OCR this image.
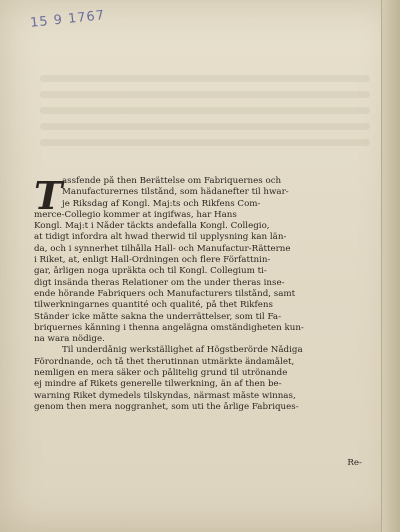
15 9 1767
T assfende på then Berättelse om Fabriquernes och
Manufacturernes tilstånd, som hädanefter til hwar-
je Riksdag af Kongl. Maj:ts och Rikfens Com-
merce-Collegio kommer at ingifwas, har Hans
Kongl. Maj:t i Nåder täckts andefalla Kongl. Collegio,
at tidigt infordra alt hwad therwid til upplysning kan län-
da, och i synnerhet tilhålla Hall- och Manufactur-Rätterne
i Riket, at, enligt Hall-Ordningen och flere Författnin-
gar, årligen noga upräkta och til Kongl. Collegium ti-
digt insända theras Relationer om the under theras inse-
ende hörande Fabriquers och Manufacturers tilstånd, samt
tilwerkningarnes quantité och qualité, på thet Rikfens
Ständer icke måtte sakna the underrättelser, som til Fa-
briquernes kånning i thenna angelägna omständigheten kun-
na wara nödige.
Til underdånig werkställighet af Högstberörde Nådiga
Förordnande, och tå thet therutinnan utmärkte ändamålet,
nemligen en mera säker och pålitelig grund til utrönande
ej mindre af Rikets generelle tilwerkning, än af then be-
warning Riket dymedels tilskyndas, närmast måste winnas,
genom then mera noggranhet, som uti the årlige Fabriques-
Re-
